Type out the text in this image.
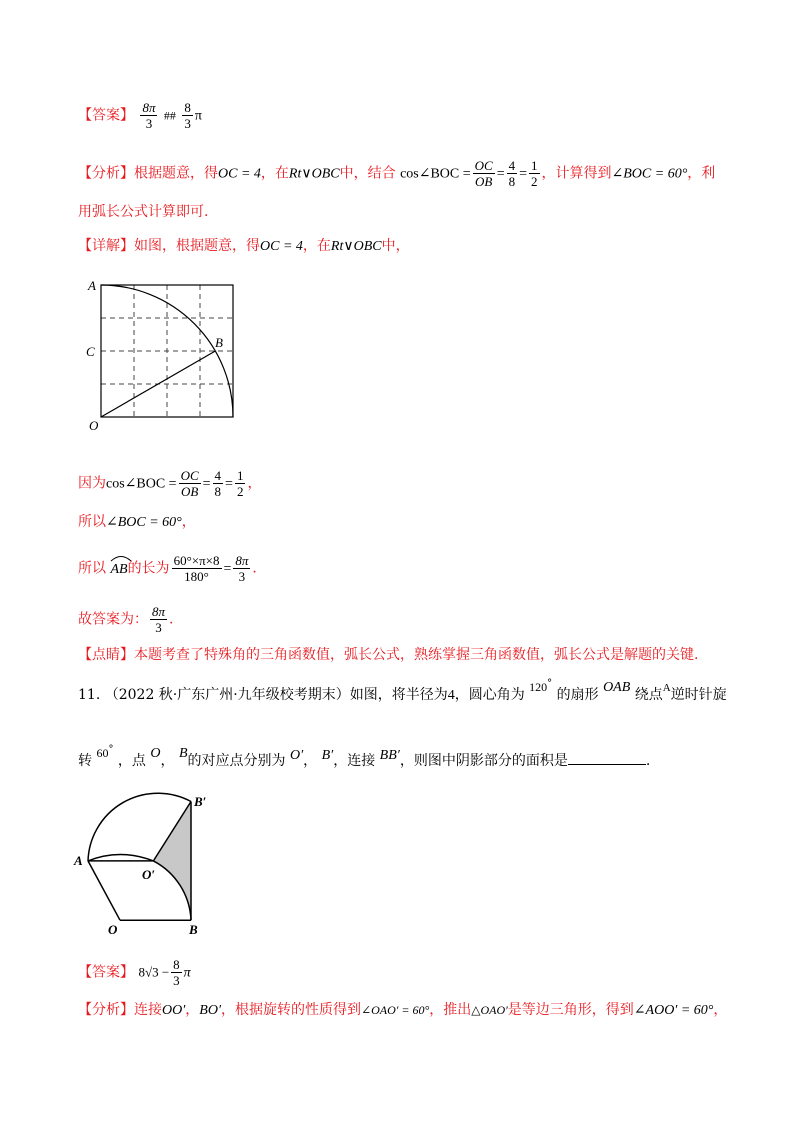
【答案】 $\frac{8\pi}{3}$ ## $\frac{8}{3}$ π
【分析】根据题意，得OC = 4，在Rt∨OBC中，结合 cos∠BOC = $\frac{OC}{OB} = \frac{4}{8} = \frac{1}{2}$ ，计算得到∠BOC = 60°，利
用弧长公式计算即可.
【详解】如图，根据题意，得OC = 4，在Rt∨OBC中，
A
C
B
O
因为cos∠BOC = $\frac{OC}{OB} = \frac{4}{8} = \frac{1}{2}$ ，
所以∠BOC = 60°，
所以 AB的长为 $\frac{60^\circ\times\pi\times 8}{180^\circ} = \frac{8\pi}{3}$ .
故答案为： $\frac{8\pi}{3}$ .
【点睛】本题考查了特殊角的三角函数值，弧长公式，熟练掌握三角函数值，弧长公式是解题的关键.
11. （2022 秋·广东广州·九年级校考期末）如图，将半径为4，圆心角为 120° 的扇形 OAB 绕点$^A$逆时针旋
转 60° ，点 O， B的对应点分别为 O′， B′，连接 BB′，则图中阴影部分的面积是	.
B′
A
O′
O	B
【答案】 $8√3 - \frac{8}{3}$ π
【分析】连接OO′，BO′，根据旋转的性质得到∠OAO′ = 60°，推出△OAO′是等边三角形，得到∠AOO′ = 60°，
